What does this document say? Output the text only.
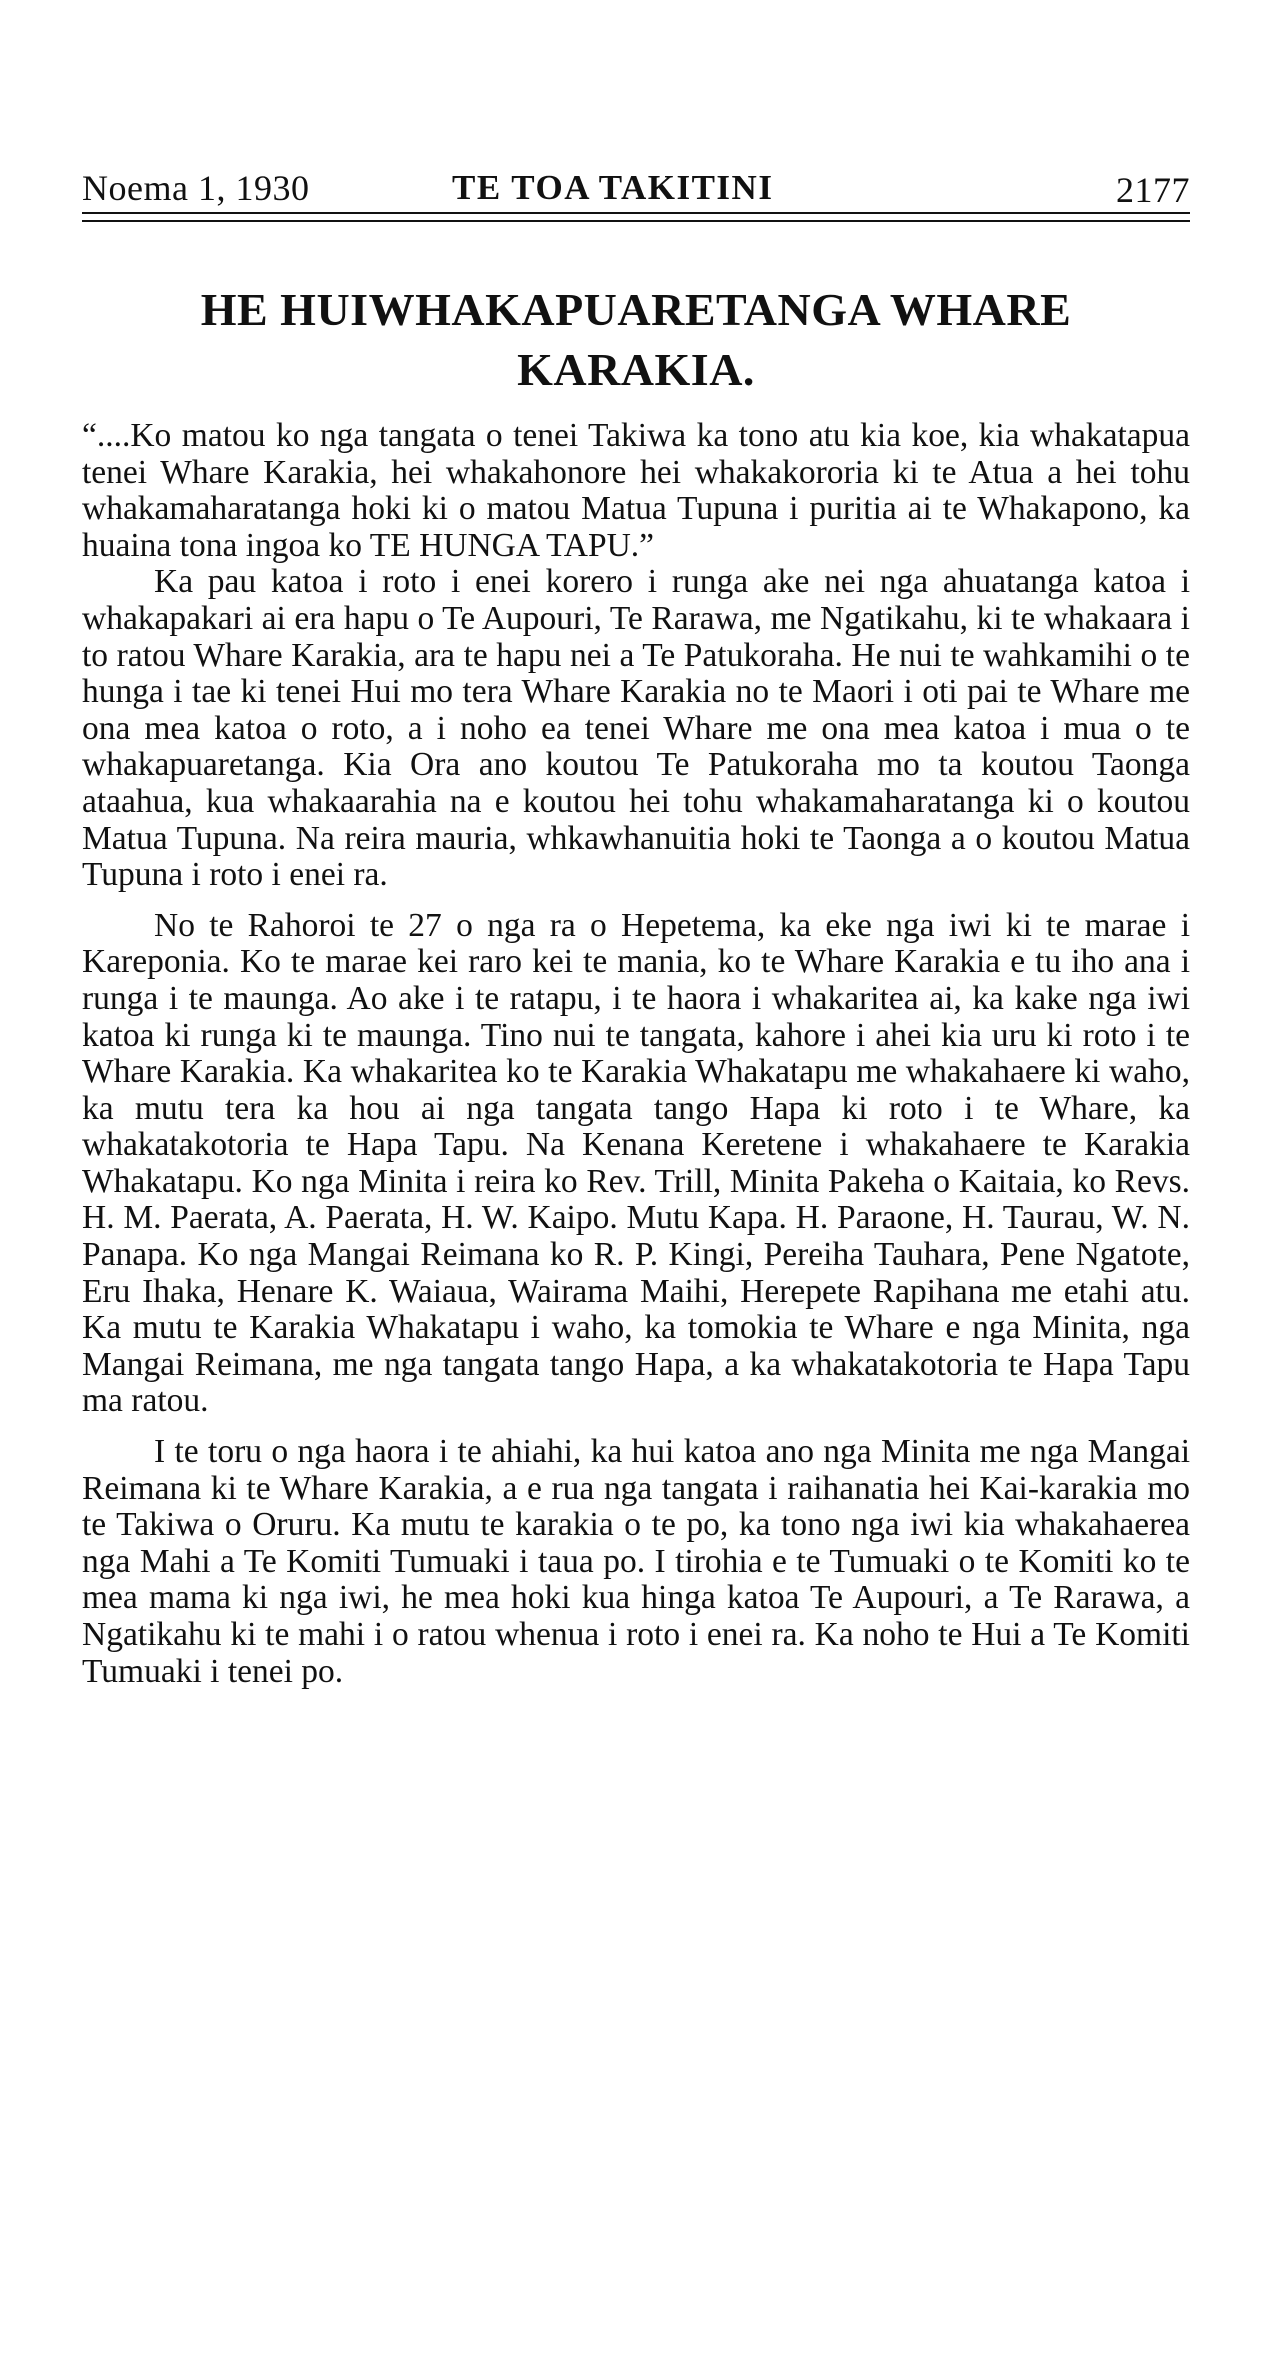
Noema 1, 1930	TE TOA TAKITINI	2177
HE HUIWHAKAPUARETANGA WHARE
KARAKIA.

“....Ko matou ko nga tangata o tenei Takiwa ka tono atu kia koe, kia whakatapua tenei Whare Karakia, hei whakahonore hei whakakororia ki te Atua a hei tohu whakamaharatanga hoki ki o matou Matua Tupuna i puritia ai te Whakapono, ka huaina tona ingoa ko TE HUNGA TAPU.”

Ka pau katoa i roto i enei korero i runga ake nei nga ahuatanga katoa i whakapakari ai era hapu o Te Aupouri, Te Rarawa, me Ngatikahu, ki te whakaara i to ratou Whare Karakia, ara te hapu nei a Te Patukoraha. He nui te wahkamihi o te hunga i tae ki tenei Hui mo tera Whare Karakia no te Maori i oti pai te Whare me ona mea katoa o roto, a i noho ea tenei Whare me ona mea katoa i mua o te whakapuaretanga. Kia Ora ano koutou Te Patukoraha mo ta koutou Taonga ataahua, kua whakaarahia na e koutou hei tohu whakamaharatanga ki o koutou Matua Tupuna. Na reira mauria, whkawhanuitia hoki te Taonga a o koutou Matua Tupuna i roto i enei ra.

No te Rahoroi te 27 o nga ra o Hepetema, ka eke nga iwi ki te marae i Kareponia. Ko te marae kei raro kei te mania, ko te Whare Karakia e tu iho ana i runga i te maunga. Ao ake i te ratapu, i te haora i whakaritea ai, ka kake nga iwi katoa ki runga ki te maunga. Tino nui te tangata, kahore i ahei kia uru ki roto i te Whare Karakia. Ka whakaritea ko te Karakia Whakatapu me whakahaere ki waho, ka mutu tera ka hou ai nga tangata tango Hapa ki roto i te Whare, ka whakatakotoria te Hapa Tapu. Na Kenana Keretene i whakahaere te Karakia Whakatapu. Ko nga Minita i reira ko Rev. Trill, Minita Pakeha o Kaitaia, ko Revs. H. M. Paerata, A. Paerata, H. W. Kaipo. Mutu Kapa. H. Paraone, H. Taurau, W. N. Panapa. Ko nga Mangai Reimana ko R. P. Kingi, Pereiha Tauhara, Pene Ngatote, Eru Ihaka, Henare K. Waiaua, Wairama Maihi, Herepete Rapihana me etahi atu. Ka mutu te Karakia Whakatapu i waho, ka tomokia te Whare e nga Minita, nga Mangai Reimana, me nga tangata tango Hapa, a ka whakatakotoria te Hapa Tapu ma ratou.

I te toru o nga haora i te ahiahi, ka hui katoa ano nga Minita me nga Mangai Reimana ki te Whare Karakia, a e rua nga tangata i raihanatia hei Kai-karakia mo te Takiwa o Oruru. Ka mutu te karakia o te po, ka tono nga iwi kia whakahaerea nga Mahi a Te Komiti Tumuaki i taua po. I tirohia e te Tumuaki o te Komiti ko te mea mama ki nga iwi, he mea hoki kua hinga katoa Te Aupouri, a Te Rarawa, a Ngatikahu ki te mahi i o ratou whenua i roto i enei ra. Ka noho te Hui a Te Komiti Tumuaki i tenei po.
